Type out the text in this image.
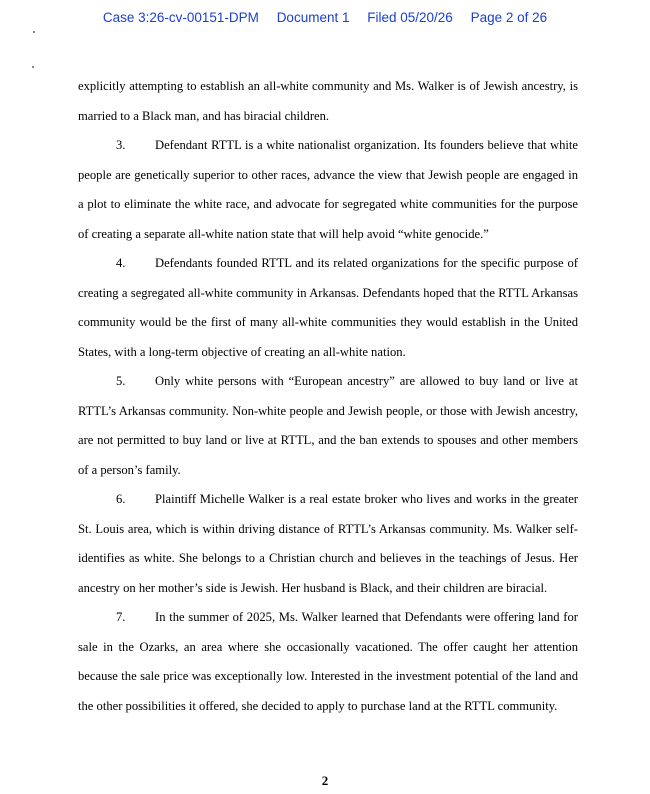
Case 3:26-cv-00151-DPM Document 1 Filed 05/20/26 Page 2 of 26

explicitly attempting to establish an all-white community and Ms. Walker is of Jewish ancestry, is married to a Black man, and has biracial children.

3. Defendant RTTL is a white nationalist organization. Its founders believe that white people are genetically superior to other races, advance the view that Jewish people are engaged in a plot to eliminate the white race, and advocate for segregated white communities for the purpose of creating a separate all-white nation state that will help avoid “white genocide.”

4. Defendants founded RTTL and its related organizations for the specific purpose of creating a segregated all-white community in Arkansas. Defendants hoped that the RTTL Arkansas community would be the first of many all-white communities they would establish in the United States, with a long-term objective of creating an all-white nation.

5. Only white persons with “European ancestry” are allowed to buy land or live at RTTL’s Arkansas community. Non-white people and Jewish people, or those with Jewish ancestry, are not permitted to buy land or live at RTTL, and the ban extends to spouses and other members of a person’s family.

6. Plaintiff Michelle Walker is a real estate broker who lives and works in the greater St. Louis area, which is within driving distance of RTTL’s Arkansas community. Ms. Walker self-identifies as white. She belongs to a Christian church and believes in the teachings of Jesus. Her ancestry on her mother’s side is Jewish. Her husband is Black, and their children are biracial.

7. In the summer of 2025, Ms. Walker learned that Defendants were offering land for sale in the Ozarks, an area where she occasionally vacationed. The offer caught her attention because the sale price was exceptionally low. Interested in the investment potential of the land and the other possibilities it offered, she decided to apply to purchase land at the RTTL community.

2
